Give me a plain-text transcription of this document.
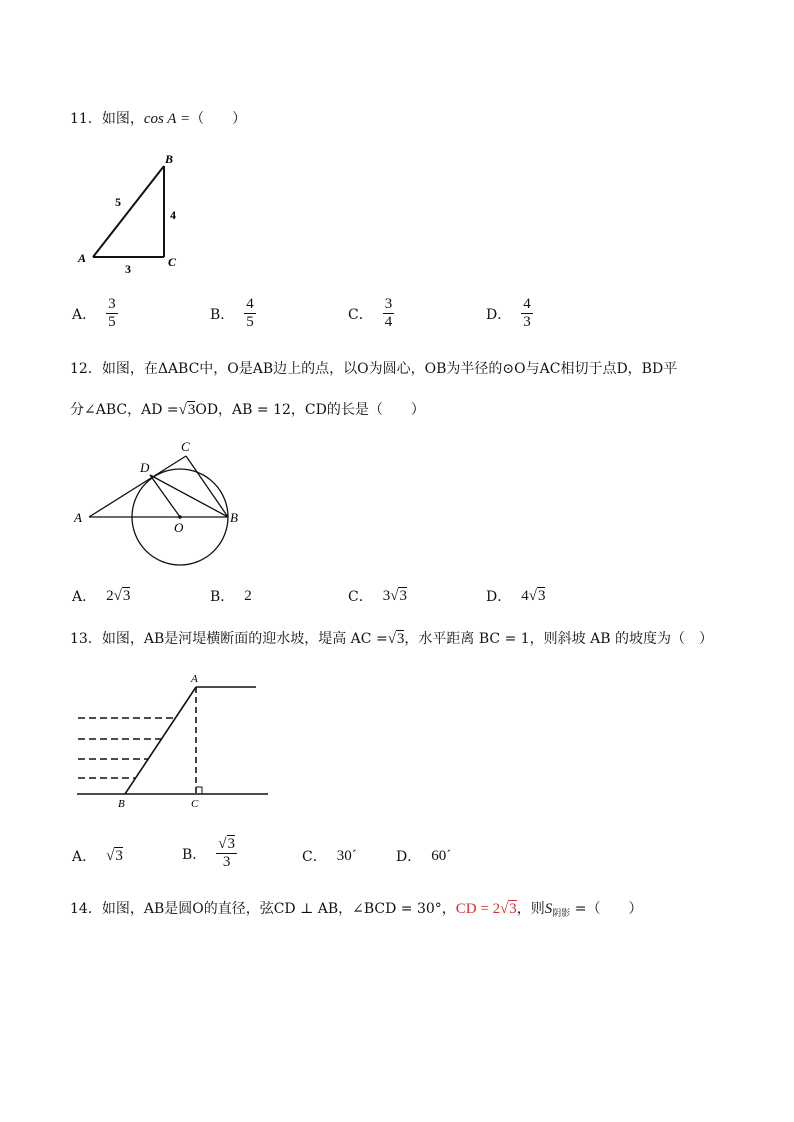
11．如图，cos A =（　　）
A
B
C
5
4
3
A． $\frac{3}{5}$	B． $\frac{4}{5}$	C． $\frac{3}{4}$	D． $\frac{4}{3}$
12．如图，在ΔABC中，O是AB边上的点，以O为圆心，OB为半径的⊙O与AC相切于点D，BD平
分∠ABC，AD =√3OD，AB = 12，CD的长是（　　）
A	B
C
D
O
A． 2√3	B． 2	C． 3√3	D． 4√3
13．如图，AB是河堤横断面的迎水坡，堤高 AC =√3，水平距离 BC = 1，则斜坡 AB 的坡度为（　）
A
B	C
A． √3	B． $\frac{√3}{3}$	C． 30´	D． 60´
14．如图，AB是圆O的直径，弦CD ⊥ AB，∠BCD = 30°，CD = 2√3，则$S_{阴影}$ =（　　）
